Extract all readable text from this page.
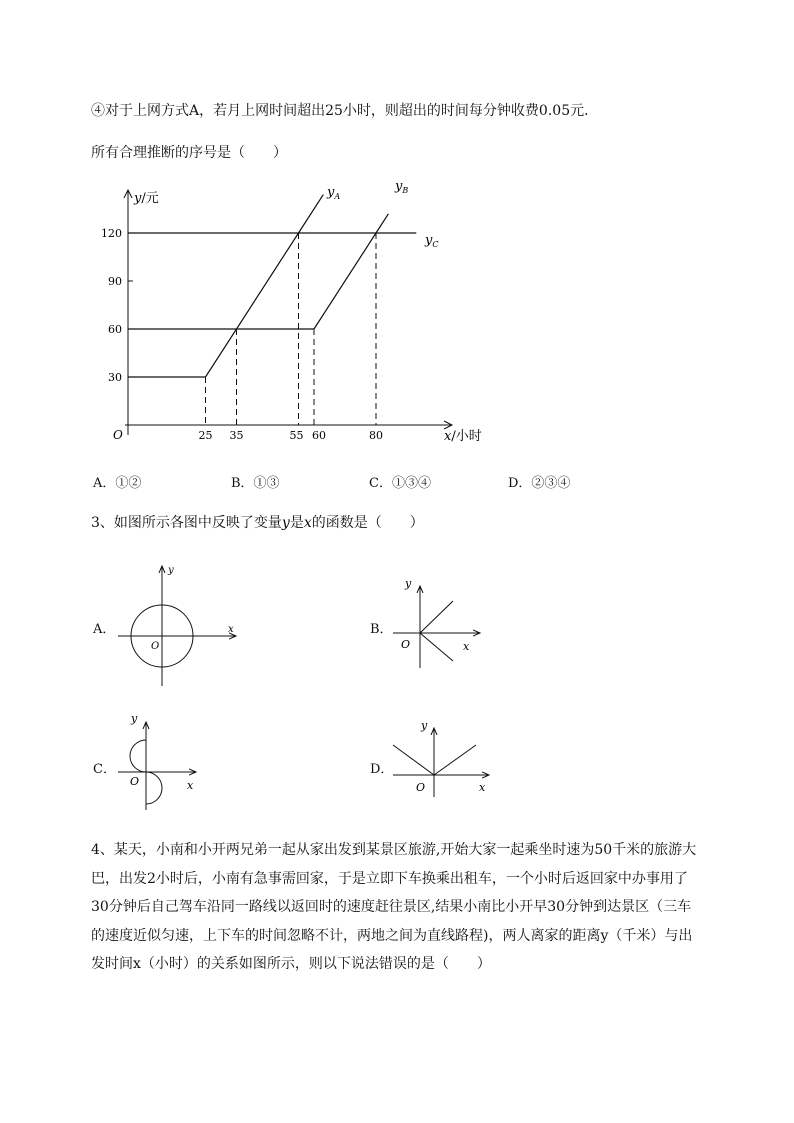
④对于上网方式A，若月上网时间超出25小时，则超出的时间每分钟收费0.05元．
所有合理推断的序号是（　　）
O
30
60
90
120
25 35	55 60	80
y/元
x/小时
$y_A$
$y_B$
$y_C$
A．①②	B．①③	C．①③④	D．②③④
3、如图所示各图中反映了变量y是x的函数是（　　）
A．	B．
C．	D．
x
y
O	x
y
O
x
y
O	x
y
O
4、某天，小南和小开两兄弟一起从家出发到某景区旅游,开始大家一起乘坐时速为50千米的旅游大
巴，出发2小时后，小南有急事需回家，于是立即下车换乘出租车，一个小时后返回家中办事用了
30分钟后自己驾车沿同一路线以返回时的速度赶往景区,结果小南比小开早30分钟到达景区（三车
的速度近似匀速，上下车的时间忽略不计，两地之间为直线路程)，两人离家的距离y（千米）与出
发时间x（小时）的关系如图所示，则以下说法错误的是（　　）
